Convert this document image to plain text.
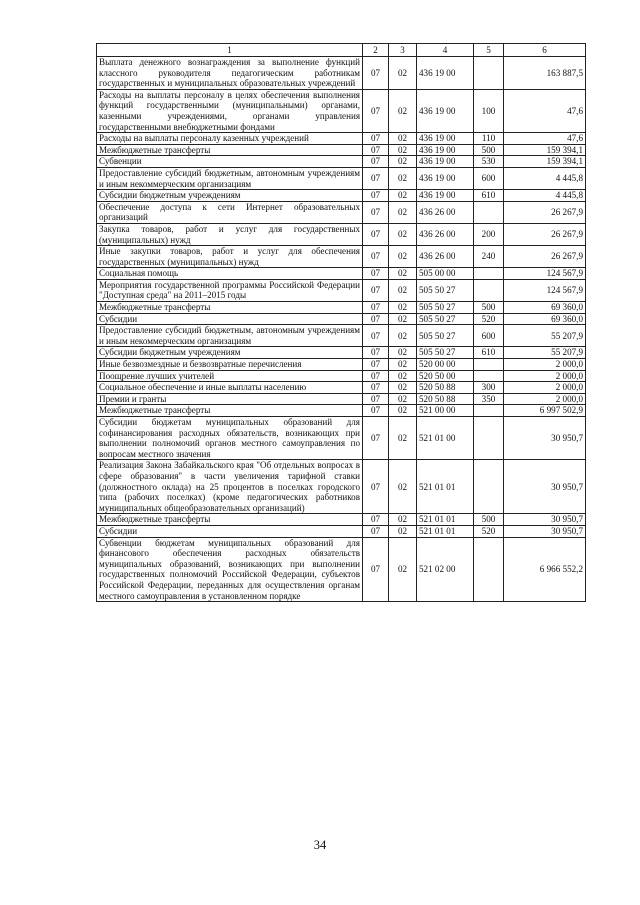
1	2	3	4	5	6
Выплата денежного вознаграждения за выполнение функций классного руководителя педагогическим работникам государственных и муниципальных образовательных учреждений	07	02	436 19 00		163 887,5
Расходы на выплаты персоналу в целях обеспечения выполнения функций государственными (муниципальными) органами, казенными учреждениями, органами управления государственными внебюджетными фондами	07	02	436 19 00	100	47,6
Расходы на выплаты персоналу казенных учреждений	07	02	436 19 00	110	47,6
Межбюджетные трансферты	07	02	436 19 00	500	159 394,1
Субвенции	07	02	436 19 00	530	159 394,1
Предоставление субсидий бюджетным, автономным учреждениям и иным некоммерческим организациям	07	02	436 19 00	600	4 445,8
Субсидии бюджетным учреждениям	07	02	436 19 00	610	4 445,8
Обеспечение доступа к сети Интернет образовательных организаций	07	02	436 26 00		26 267,9
Закупка товаров, работ и услуг для государственных (муниципальных) нужд	07	02	436 26 00	200	26 267,9
Иные закупки товаров, работ и услуг для обеспечения государственных (муниципальных) нужд	07	02	436 26 00	240	26 267,9
Социальная помощь	07	02	505 00 00		124 567,9
Мероприятия государственной программы Российской Федерации "Доступная среда" на 2011–2015 годы	07	02	505 50 27		124 567,9
Межбюджетные трансферты	07	02	505 50 27	500	69 360,0
Субсидии	07	02	505 50 27	520	69 360,0
Предоставление субсидий бюджетным, автономным учреждениям и иным некоммерческим организациям	07	02	505 50 27	600	55 207,9
Субсидии бюджетным учреждениям	07	02	505 50 27	610	55 207,9
Иные безвозмездные и безвозвратные перечисления	07	02	520 00 00		2 000,0
Поощрение лучших учителей	07	02	520 50 00		2 000,0
Социальное обеспечение и иные выплаты населению	07	02	520 50 88	300	2 000,0
Премии и гранты	07	02	520 50 88	350	2 000,0
Межбюджетные трансферты	07	02	521 00 00		6 997 502,9
Субсидии бюджетам муниципальных образований для софинансирования расходных обязательств, возникающих при выполнении полномочий органов местного самоуправления по вопросам местного значения	07	02	521 01 00		30 950,7
Реализация Закона Забайкальского края "Об отдельных вопросах в сфере образования" в части увеличения тарифной ставки (должностного оклада) на 25 процентов в поселках городского типа (рабочих поселках) (кроме педагогических работников муниципальных общеобразовательных организаций)	07	02	521 01 01		30 950,7
Межбюджетные трансферты	07	02	521 01 01	500	30 950,7
Субсидии	07	02	521 01 01	520	30 950,7
Субвенции бюджетам муниципальных образований для финансового обеспечения расходных обязательств муниципальных образований, возникающих при выполнении государственных полномочий Российской Федерации, субъектов Российской Федерации, переданных для осуществления органам местного самоуправления в установленном порядке	07	02	521 02 00		6 966 552,2
34
